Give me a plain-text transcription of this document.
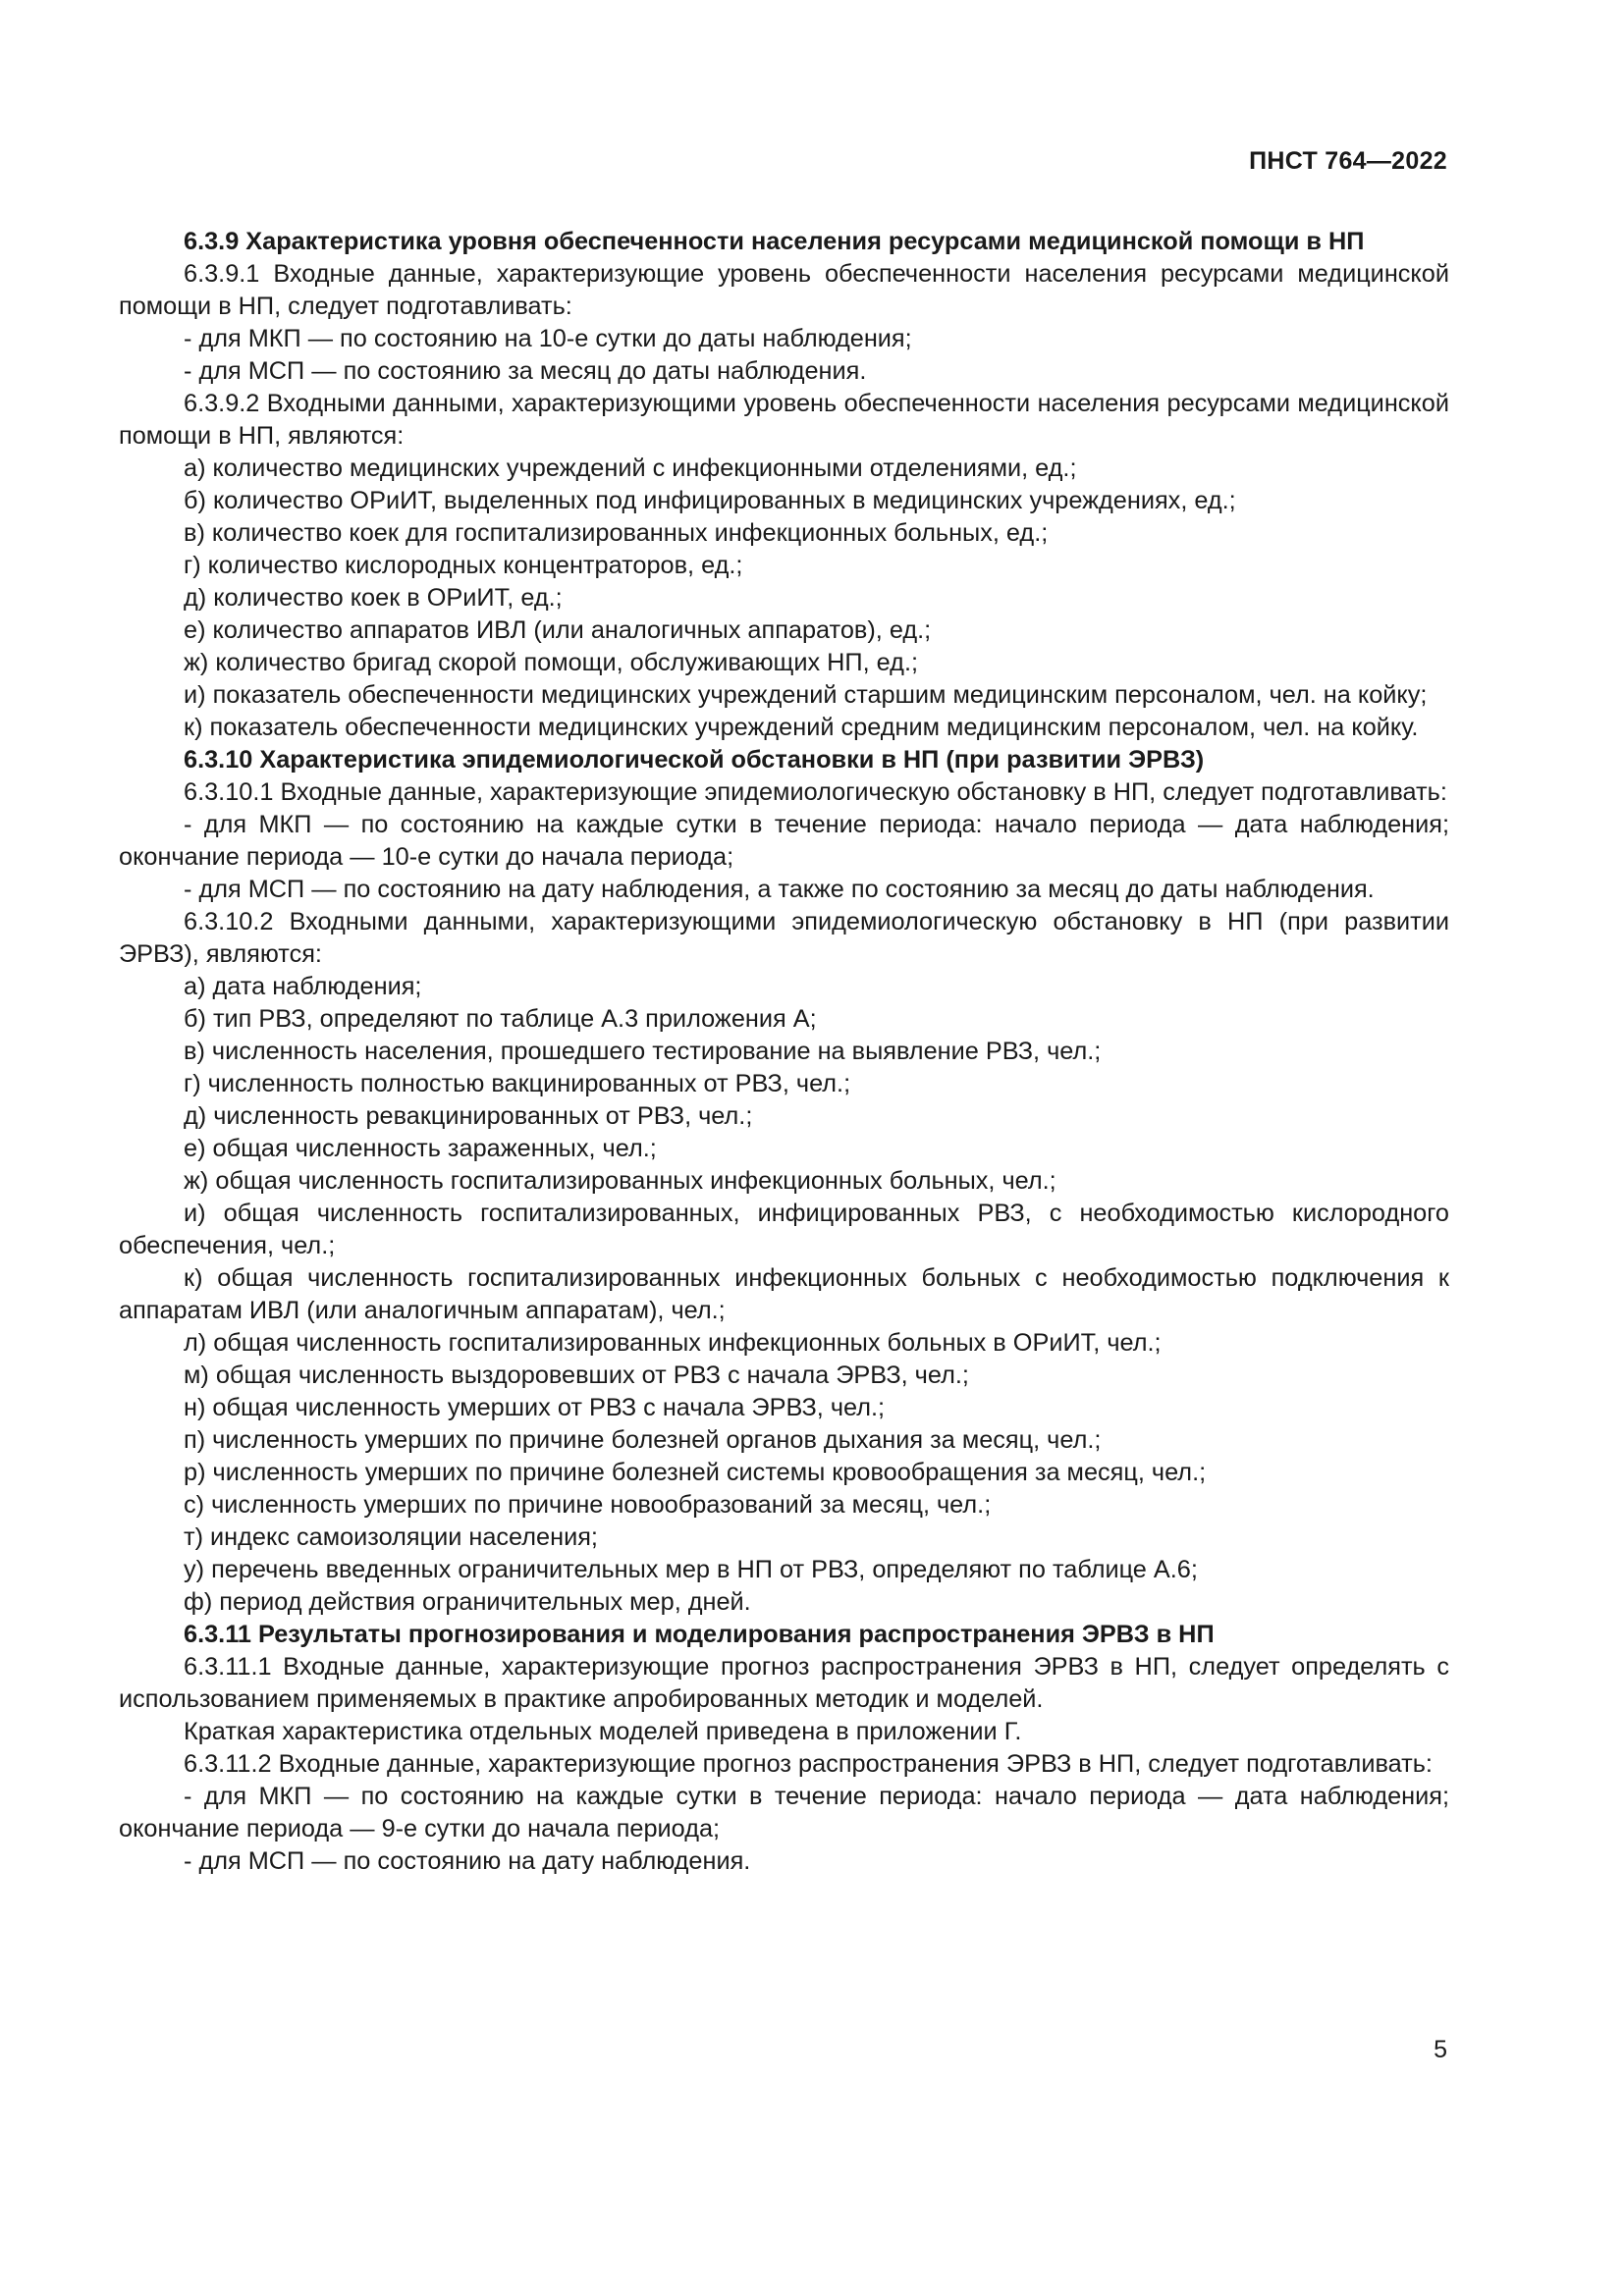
ПНСТ 764—2022

6.3.9 Характеристика уровня обеспеченности населения ресурсами медицинской помощи в НП

6.3.9.1 Входные данные, характеризующие уровень обеспеченности населения ресурсами медицинской помощи в НП, следует подготавливать:

- для МКП — по состоянию на 10-е сутки до даты наблюдения;

- для МСП — по состоянию за месяц до даты наблюдения.

6.3.9.2 Входными данными, характеризующими уровень обеспеченности населения ресурсами медицинской помощи в НП, являются:

а) количество медицинских учреждений с инфекционными отделениями, ед.;

б) количество ОРиИТ, выделенных под инфицированных в медицинских учреждениях, ед.;

в) количество коек для госпитализированных инфекционных больных, ед.;

г) количество кислородных концентраторов, ед.;

д) количество коек в ОРиИТ, ед.;

е) количество аппаратов ИВЛ (или аналогичных аппаратов), ед.;

ж) количество бригад скорой помощи, обслуживающих НП, ед.;

и) показатель обеспеченности медицинских учреждений старшим медицинским персоналом, чел. на койку;

к) показатель обеспеченности медицинских учреждений средним медицинским персоналом, чел. на койку.

6.3.10 Характеристика эпидемиологической обстановки в НП (при развитии ЭРВЗ)

6.3.10.1 Входные данные, характеризующие эпидемиологическую обстановку в НП, следует подготавливать:

- для МКП — по состоянию на каждые сутки в течение периода: начало периода — дата наблюдения; окончание периода — 10-е сутки до начала периода;

- для МСП — по состоянию на дату наблюдения, а также по состоянию за месяц до даты наблюдения.

6.3.10.2 Входными данными, характеризующими эпидемиологическую обстановку в НП (при развитии ЭРВЗ), являются:

а) дата наблюдения;

б) тип РВЗ, определяют по таблице А.3 приложения А;

в) численность населения, прошедшего тестирование на выявление РВЗ, чел.;

г) численность полностью вакцинированных от РВЗ, чел.;

д) численность ревакцинированных от РВЗ, чел.;

е) общая численность зараженных, чел.;

ж) общая численность госпитализированных инфекционных больных, чел.;

и) общая численность госпитализированных, инфицированных РВЗ, с необходимостью кислородного обеспечения, чел.;

к) общая численность госпитализированных инфекционных больных с необходимостью подключения к аппаратам ИВЛ (или аналогичным аппаратам), чел.;

л) общая численность госпитализированных инфекционных больных в ОРиИТ, чел.;

м) общая численность выздоровевших от РВЗ с начала ЭРВЗ, чел.;

н) общая численность умерших от РВЗ с начала ЭРВЗ, чел.;

п) численность умерших по причине болезней органов дыхания за месяц, чел.;

р) численность умерших по причине болезней системы кровообращения за месяц, чел.;

с) численность умерших по причине новообразований за месяц, чел.;

т) индекс самоизоляции населения;

у) перечень введенных ограничительных мер в НП от РВЗ, определяют по таблице А.6;

ф) период действия ограничительных мер, дней.

6.3.11 Результаты прогнозирования и моделирования распространения ЭРВЗ в НП

6.3.11.1 Входные данные, характеризующие прогноз распространения ЭРВЗ в НП, следует определять с использованием применяемых в практике апробированных методик и моделей.

Краткая характеристика отдельных моделей приведена в приложении Г.

6.3.11.2 Входные данные, характеризующие прогноз распространения ЭРВЗ в НП, следует подготавливать:

- для МКП — по состоянию на каждые сутки в течение периода: начало периода — дата наблюдения; окончание периода — 9-е сутки до начала периода;

- для МСП — по состоянию на дату наблюдения.

5
